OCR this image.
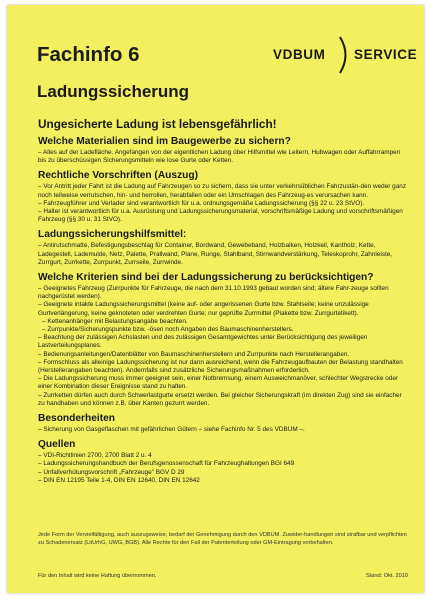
Fachinfo 6	VDBUM SERVICE
Ladungssicherung
Ungesicherte Ladung ist lebensgefährlich!
Welche Materialien sind im Baugewerbe zu sichern?
– Alles auf der Ladefläche. Angefangen von der eigentlichen Ladung über Hilfsmittel wie Leitern, Hubwagen oder Auffahrrampen bis zu überschüssigen Sicherungsmitteln wie lose Gurte oder Ketten.
Rechtliche Vorschriften (Auszug)
– Vor Antritt jeder Fahrt ist die Ladung auf Fahrzeugen so zu sichern, dass sie unter verkehrsüblichen Fahrzustän-den weder ganz noch teilweise verrutschen, hin- und herrollen, herabfallen oder ein Umschlagen des Fahrzeug-es verursachen kann.
– Fahrzeugführer und Verlader sind verantwortlich für u.a. ordnungsgemäße Ladungssicherung (§§ 22 u. 23 StVO).
– Halter ist verantwortlich für u.a. Ausrüstung und Ladungssicherungsmaterial, vorschriftsmäßige Ladung und vorschriftsmäßigen Fahrzeug (§§ 30 u. 31 StVO).
Ladungssicherungshilfsmittel:
– Antirutschmatte, Befestigungsbeschlag für Container, Bordwand, Gewebeband, Holzbalken, Holzkeil, Kantholz, Kette, Ladegestell, Lademulde, Netz, Palette, Prallwand, Plane, Runge, Stahlband, Stirnwandverstärkung, Teleskoprohr, Zahnleiste, Zurrgurt, Zurrkette, Zurrpunkt, Zurrseile, Zurrwinde.
Welche Kriterien sind bei der Ladungssicherung zu berücksichtigen?
– Geeignetes Fahrzeug (Zurrpunkte für Fahrzeuge, die nach dem 31.10.1993 gebaut worden sind; ältere Fahr-zeuge sollten nachgerüstet werden).
– Geeignete intakte Ladungssicherungsmittel (keine auf- oder angerissenen Gurte bzw. Stahlseile; keine unzulässige Gurtverlängerung, keine geknoteten oder verdrehten Gurte; nur geprüfte Zurrmittel (Plakette bzw. Zurrgurtetikett).
– Kettenanhänger mit Belastungsangabe beachten.
– Zurrpunkte/Sicherungspunkte bzw. -ösen noch Angaben des Baumaschinenherstellers.
– Beachtung der zulässigen Achslasten und des zulässigen Gesamtgewichtes unter Berücksichtigung des jeweiligen Lastverteilungsplanes.
– Bedienungsanleitungen/Datenblätter von Baumaschinenherstellern und Zurrpunkte nach Herstellerangaben.
– Formschluss als alleinige Ladungssicherung ist nur dann ausreichend, wenn die Fahrzeugaufbauten der Belastung standhalten (Herstellerangaben beachten). Andernfalls sind zusätzliche Sicherungsmaßnahmen erforderlich.
– Die Ladungssicherung muss immer geeignet sein, einer Notbremsung, einem Ausweichmanöver, schlechter Wegstrecke oder einer Kombination dieser Ereignisse stand zu halten.
– Zurrketten dürfen auch durch Schwerlastgurte ersetzt werden. Bei gleicher Sicherungskraft (im direkten Zug) sind sie einfacher zu handhaben und können z.B. über Kanten gezurrt werden.
Besonderheiten
– Sicherung von Gasgeflaschen mit gefährlichen Gütern – siehe Fachinfo Nr. 5 des VDBUM –.
Quellen
– VDI-Richtlinien 2700, 2700 Blatt 2 u. 4
– Ladungssicherungshandbuch der Berufsgenossenschaft für Fahrzeughaltungen BGI 649
– Unfallverhütungsvorschrift „Fahrzeuge" BGV D 29
– DIN EN 12195 Teile 1-4, DIN EN 12640, DIN EN 12642
Jede Form der Vervielfältigung, auch auszugsweise, bedarf der Genehmigung durch den VDBUM. Zuwider-handlungen sind strafbar und verpflichten zu Schadenersatz (LitUrhG, UWG, BGB). Alle Rechte für den Fall der Patenterteilung oder GM-Eintragung vorbehalten.
Für den Inhalt wird keine Haftung übernommen.	Stand: Okt. 2010
